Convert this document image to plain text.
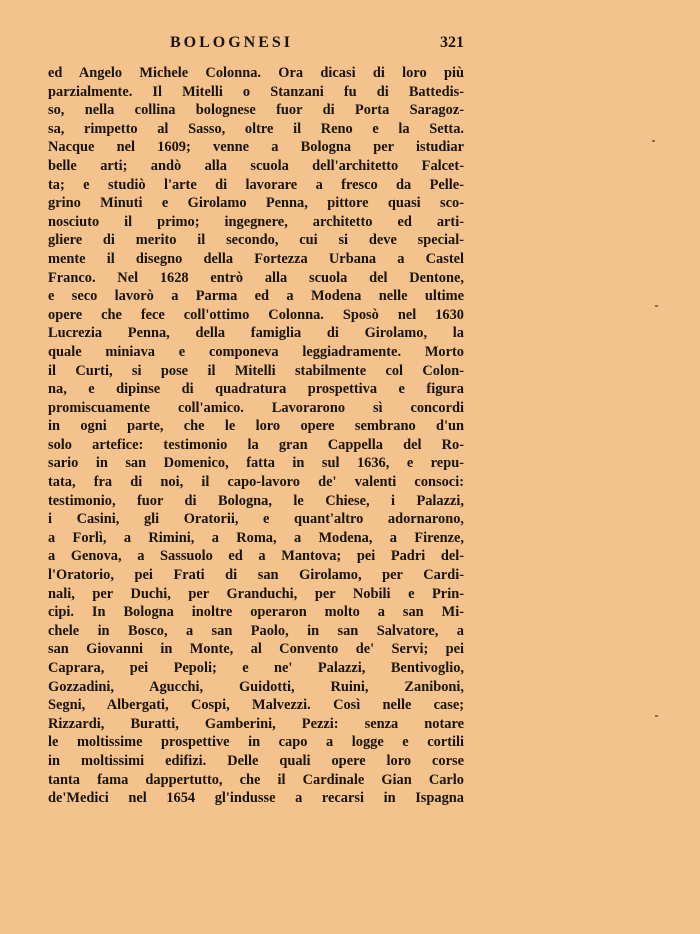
BOLOGNESI	321
ed Angelo Michele Colonna. Ora dicasi di loro più
parzialmente. Il Mitelli o Stanzani fu di Battedis-
so, nella collina bolognese fuor di Porta Saragoz-
sa, rimpetto al Sasso, oltre il Reno e la Setta.
Nacque nel 1609; venne a Bologna per istudiar
belle arti; andò alla scuola dell'architetto Falcet-
ta; e studiò l'arte di lavorare a fresco da Pelle-
grino Minuti e Girolamo Penna, pittore quasi sco-
nosciuto il primo; ingegnere, architetto ed arti-
gliere di merito il secondo, cui si deve special-
mente il disegno della Fortezza Urbana a Castel
Franco. Nel 1628 entrò alla scuola del Dentone,
e seco lavorò a Parma ed a Modena nelle ultime
opere che fece coll'ottimo Colonna. Sposò nel 1630
Lucrezia Penna, della famiglia di Girolamo, la
quale miniava e componeva leggiadramente. Morto
il Curti, si pose il Mitelli stabilmente col Colon-
na, e dipinse di quadratura prospettiva e figura
promiscuamente coll'amico. Lavorarono sì concordi
in ogni parte, che le loro opere sembrano d'un
solo artefice: testimonio la gran Cappella del Ro-
sario in san Domenico, fatta in sul 1636, e repu-
tata, fra di noi, il capo-lavoro de' valenti consoci:
testimonio, fuor di Bologna, le Chiese, i Palazzi,
i Casini, gli Oratorii, e quant'altro adornarono,
a Forlì, a Rimini, a Roma, a Modena, a Firenze,
a Genova, a Sassuolo ed a Mantova; pei Padri del-
l'Oratorio, pei Frati di san Girolamo, per Cardi-
nali, per Duchi, per Granduchi, per Nobili e Prin-
cipi. In Bologna inoltre operaron molto a san Mi-
chele in Bosco, a san Paolo, in san Salvatore, a
san Giovanni in Monte, al Convento de' Servi; pei
Caprara, pei Pepoli; e ne' Palazzi, Bentivoglio,
Gozzadini, Agucchi, Guidotti, Ruini, Zaniboni,
Segni, Albergati, Cospi, Malvezzi. Così nelle case;
Rizzardi, Buratti, Gamberini, Pezzi: senza notare
le moltissime prospettive in capo a logge e cortili
in moltissimi edifizi. Delle quali opere loro corse
tanta fama dappertutto, che il Cardinale Gian Carlo
de'Medici nel 1654 gl'indusse a recarsi in Ispagna
